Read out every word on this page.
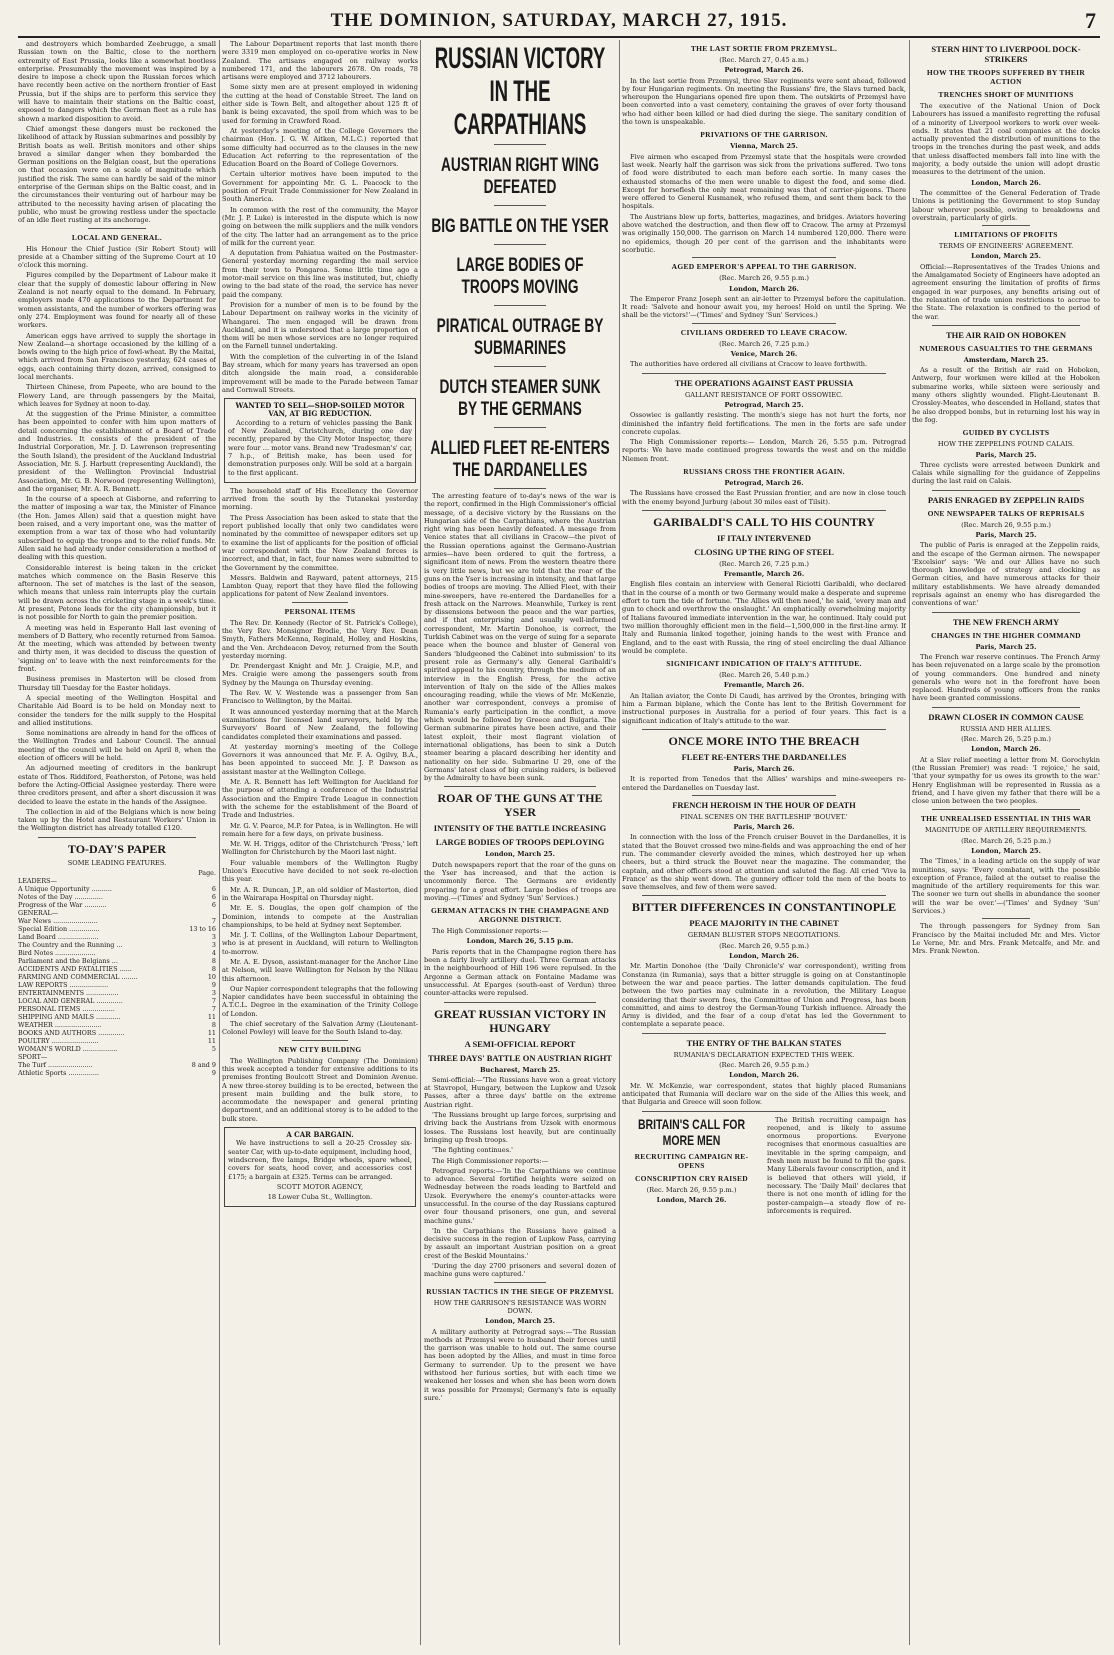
THE DOMINION, SATURDAY, MARCH 27, 1915.	7

and destroyers which bombarded Zeebrugge, a small Russian town on the Baltic, close to the northern extremity of East Prussia, looks like a somewhat bootless enterprise. Presumably the movement was inspired by a desire to impose a check upon the Russian forces which have recently been active on the northern frontier of East Prussia, but if the ships are to perform this service they will have to maintain their stations on the Baltic coast, exposed to dangers which the German fleet as a rule has shown a marked disposition to avoid.

Chief amongst these dangers must be reckoned the likelihood of attack by Russian submarines and possibly by British boats as well. British monitors and other ships braved a similar danger when they bombarded the German positions on the Belgian coast, but the operations on that occasion were on a scale of magnitude which justified the risk. The same can hardly be said of the minor enterprise of the German ships on the Baltic coast, and in the circumstances their venturing out of harbour may be attributed to the necessity having arisen of placating the public, who must be growing restless under the spectacle of an idle fleet rusting at its anchorage.

LOCAL AND GENERAL.

His Honour the Chief Justice (Sir Robert Stout) will preside at a Chamber sitting of the Supreme Court at 10 o'clock this morning.

Figures compiled by the Department of Labour make it clear that the supply of domestic labour offering in New Zealand is not nearly equal to the demand. In February, employers made 470 applications to the Department for women assistants, and the number of workers offering was only 274. Employment was found for nearly all of these workers.

American eggs have arrived to supply the shortage in New Zealand—a shortage occasioned by the killing of a bowls owing to the high price of fowl-wheat. By the Maitai, which arrived from San Francisco yesterday, 624 cases of eggs, each containing thirty dozen, arrived, consigned to local merchants.

Thirteen Chinese, from Papeete, who are bound to the Flowery Land, are through passengers by the Maitai, which leaves for Sydney at noon to-day.

At the suggestion of the Prime Minister, a committee has been appointed to confer with him upon matters of detail concerning the establishment of a Board of Trade and Industries. It consists of the president of the Industrial Corporation, Mr. J. D. Lawrenson (representing the South Island), the president of the Auckland Industrial Association, Mr. S. J. Harbutt (representing Auckland), the president of the Wellington Provincial Industrial Association, Mr. G. B. Norwood (representing Wellington), and the organiser, Mr. A. R. Bennett.

In the course of a speech at Gisborne, and referring to the matter of imposing a war tax, the Minister of Finance (the Hon. James Allen) said that a question might have been raised, and a very important one, was the matter of exemption from a war tax of those who had voluntarily subscribed to equip the troops and to the relief funds. Mr. Allen said he had already under consideration a method of dealing with this question.

Considerable interest is being taken in the cricket matches which commence on the Basin Reserve this afternoon. The set of matches is the last of the season, which means that unless rain interrupts play the curtain will be drawn across the cricketing stage in a week's time. At present, Petone leads for the city championship, but it is not possible for North to gain the premier position.

A meeting was held in Esperanto Hall last evening of members of D Battery, who recently returned from Samoa. At the meeting, which was attended by between twenty and thirty men, it was decided to discuss the question of 'signing on' to leave with the next reinforcements for the front.

Business premises in Masterton will be closed from Thursday till Tuesday for the Easter holidays.

A special meeting of the Wellington Hospital and Charitable Aid Board is to be held on Monday next to consider the tenders for the milk supply to the Hospital and allied institutions.

Some nominations are already in hand for the offices of the Wellington Trades and Labour Council. The annual meeting of the council will be held on April 8, when the election of officers will be held.

An adjourned meeting of creditors in the bankrupt estate of Thos. Riddiford, Featherston, of Petone, was held before the Acting-Official Assignee yesterday. There were three creditors present, and after a short discussion it was decided to leave the estate in the hands of the Assignee.

The collection in aid of the Belgians which is now being taken up by the Hotel and Restaurant Workers' Union in the Wellington district has already totalled £120.

TO-DAY'S PAPER
SOME LEADING FEATURES.
Page.
LEADERS—
A Unique Opportunity ..........	6
Notes of the Day ..............	6
Progress of the War ...........	6
GENERAL—
War News ......................	7
Special Edition ...............	13 to 16
Land Board ....................	3
The Country and the Running ...	3
Bird Notes ....................	4
Parliament and the Belgians ...	8
ACCIDENTS AND FATALITIES ......	8
FARMING AND COMMERCIAL ........	10
LAW REPORTS ...................	9
ENTERTAINMENTS ................	3
LOCAL AND GENERAL .............	7
PERSONAL ITEMS ................	7
SHIPPING AND MAILS ............	11
WEATHER .......................	8
BOOKS AND AUTHORS .............	11
POULTRY .......................	11
WOMAN'S WORLD .................	5
SPORT—
The Turf ......................	8 and 9
Athletic Sports ...............	9

The Labour Department reports that last month there were 3319 men employed on co-operative works in New Zealand. The artisans engaged on railway works numbered 171, and the labourers 2678. On roads, 78 artisans were employed and 3712 labourers.

Some sixty men are at present employed in widening the cutting at the head of Constable Street. The land on either side is Town Belt, and altogether about 125 ft of bank is being excavated, the spoil from which was to be used for forming in Crawford Road.

At yesterday's meeting of the College Governors the chairman (Hon. J. G. W. Aitken, M.L.C.) reported that some difficulty had occurred as to the clauses in the new Education Act referring to the representation of the Education Board on the Board of College Governors.

Certain ulterior motives have been imputed to the Government for appointing Mr. G. L. Peacock to the position of Fruit Trade Commissioner for New Zealand in South America.

In common with the rest of the community, the Mayor (Mr. J. P. Luke) is interested in the dispute which is now going on between the milk suppliers and the milk vendors of the city. The latter had an arrangement as to the price of milk for the current year.

A deputation from Pahiatua waited on the Postmaster-General yesterday morning regarding the mail service from their town to Pongaroa. Some little time ago a motor-mail service on this line was instituted, but, chiefly owing to the bad state of the road, the service has never paid the company.

Provision for a number of men is to be found by the Labour Department on railway works in the vicinity of Whangarei. The men engaged will be drawn from Auckland, and it is understood that a large proportion of them will be men whose services are no longer required on the Farnell tunnel undertaking.

With the completion of the culverting in of the Island Bay stream, which for many years has traversed an open ditch alongside the main road, a considerable improvement will be made to the Parade between Tamar and Cornwall Streets.

WANTED TO SELL—SHOP-SOILED MOTOR VAN, AT BIG REDUCTION.

According to a return of vehicles passing the Bank of New Zealand, Christchurch, during one day recently, prepared by the City Motor Inspector, there were four ... motor vans. Brand new 'Tradesman's' car, 7 h.p., of British make, has been used for demonstration purposes only. Will be sold at a bargain to the first applicant.

The household staff of His Excellency the Governor arrived from the south by the Tutanekai yesterday morning.

The Press Association has been asked to state that the report published locally that only two candidates were nominated by the committee of newspaper editors set up to examine the list of applicants for the position of official war correspondent with the New Zealand forces is incorrect, and that, in fact, four names were submitted to the Government by the committee.

Messrs. Baldwin and Rayward, patent attorneys, 215 Lambton Quay, report that they have filed the following applications for patent of New Zealand inventors.

PERSONAL ITEMS

The Rev. Dr. Kennedy (Rector of St. Patrick's College), the Very Rev. Monsignor Brodie, the Very Rev. Dean Smyth, Fathers McKenna, Reginald, Holley, and Hoskins, and the Ven. Archdeacon Devoy, returned from the South yesterday morning.

Dr. Prendergast Knight and Mr. J. Craigie, M.P., and Mrs. Craigie were among the passengers south from Sydney by the Maunga on Thursday evening.

The Rev. W. V. Westende was a passenger from San Francisco to Wellington, by the Maitai.

It was announced yesterday morning that at the March examinations for licensed land surveyors, held by the Surveyors' Board of New Zealand, the following candidates completed their examinations and passed.

At yesterday morning's meeting of the College Governors it was announced that Mr. F. A. Ogilvy, B.A., has been appointed to succeed Mr. J. P. Dawson as assistant master at the Wellington College.

Mr. A. R. Bennett has left Wellington for Auckland for the purpose of attending a conference of the Industrial Association and the Empire Trade League in connection with the scheme for the establishment of the Board of Trade and Industries.

Mr. G. V. Pearce, M.P. for Patea, is in Wellington. He will remain here for a few days, on private business.

Mr. W. H. Triggs, editor of the Christchurch 'Press,' left Wellington for Christchurch by the Maori last night.

Four valuable members of the Wellington Rugby Union's Executive have decided to not seek re-election this year.

Mr. A. R. Duncan, J.P., an old soldier of Masterton, died in the Wairarapa Hospital on Thursday night.

Mr. E. S. Douglas, the open golf champion of the Dominion, intends to compete at the Australian championships, to be held at Sydney next September.

Mr. J. T. Collins, of the Wellington Labour Department, who is at present in Auckland, will return to Wellington to-morrow.

Mr. A. E. Dyson, assistant-manager for the Anchor Line at Nelson, will leave Wellington for Nelson by the Nikau this afternoon.

Our Napier correspondent telegraphs that the following Napier candidates have been successful in obtaining the A.T.C.L. Degree in the examination of the Trinity College of London.

The chief secretary of the Salvation Army (Lieutenant-Colonel Powley) will leave for the South Island to-day.

NEW CITY BUILDING

The Wellington Publishing Company (The Dominion) this week accepted a tender for extensive additions to its premises fronting Boulcott Street and Dominion Avenue. A new three-storey building is to be erected, between the present main building and the bulk store, to accommodate the newspaper and general printing department, and an additional storey is to be added to the bulk store.

A CAR BARGAIN.

We have instructions to sell a 20-25 Crossley six-seater Car, with up-to-date equipment, including hood, windscreen, five lamps, Bridge wheels, spare wheel, covers for seats, hood cover, and accessories cost £175; a bargain at £325. Terms can be arranged.

SCOTT MOTOR AGENCY,
18 Lower Cuba St., Wellington.
RUSSIAN VICTORY IN THE CARPATHIANS
AUSTRIAN RIGHT WING DEFEATED
BIG BATTLE ON THE YSER
LARGE BODIES OF TROOPS MOVING
PIRATICAL OUTRAGE BY SUBMARINES
DUTCH STEAMER SUNK BY THE GERMANS
ALLIED FLEET RE-ENTERS THE DARDANELLES

The arresting feature of to-day's news of the war is the report, confirmed in the High Commissioner's official message, of a decisive victory by the Russians on the Hungarian side of the Carpathians, where the Austrian right wing has been heavily defeated. A message from Venice states that all civilians in Cracow—the pivot of the Russian operations against the Germano-Austrian armies—have been ordered to quit the fortress, a significant item of news. From the western theatre there is very little news, but we are told that the roar of the guns on the Yser is increasing in intensity, and that large bodies of troops are moving. The Allied Fleet, with their mine-sweepers, have re-entered the Dardanelles for a fresh attack on the Narrows. Meanwhile, Turkey is rent by dissensions between the peace and the war parties, and if that enterprising and usually well-informed correspondent, Mr. Martin Donohoe, is correct, the Turkish Cabinet was on the verge of suing for a separate peace when the bounce and bluster of General von Sanders 'bludgeoned the Cabinet into submission' to its present role as Germany's ally. General Garibaldi's spirited appeal to his country, through the medium of an interview in the English Press, for the active intervention of Italy on the side of the Allies makes encouraging reading, while the views of Mr. McKenzie, another war correspondent, conveys a promise of Rumania's early participation in the conflict, a move which would be followed by Greece and Bulgaria. The German submarine pirates have been active, and their latest exploit, their most flagrant violation of international obligations, has been to sink a Dutch steamer bearing a placard describing her identity and nationality on her side. Submarine U 29, one of the Germans' latest class of big cruising raiders, is believed by the Admiralty to have been sunk.

ROAR OF THE GUNS AT THE YSER
INTENSITY OF THE BATTLE INCREASING
LARGE BODIES OF TROOPS DEPLOYING
London, March 25.

Dutch newspapers report that the roar of the guns on the Yser has increased, and that the action is uncommonly fierce. The Germans are evidently preparing for a great effort. Large bodies of troops are moving.—('Times' and Sydney 'Sun' Services.)

GERMAN ATTACKS IN THE CHAMPAGNE AND ARGONNE DISTRICT.

The High Commissioner reports:—

London, March 26, 5.15 p.m.

Paris reports that in the Champagne region there has been a fairly lively artillery duel. Three German attacks in the neighbourhood of Hill 196 were repulsed. In the Argonne a German attack on Fontaine Madame was unsuccessful. At Eparges (south-east of Verdun) three counter-attacks were repulsed.

GREAT RUSSIAN VICTORY IN HUNGARY
A SEMI-OFFICIAL REPORT
THREE DAYS' BATTLE ON AUSTRIAN RIGHT
Bucharest, March 25.

Semi-official:—'The Russians have won a great victory at Stavropol, Hungary, between the Lupkow and Uzsok Passes, after a three days' battle on the extreme Austrian right.

'The Russians brought up large forces, surprising and driving back the Austrians from Uzsok with enormous losses. The Russians lost heavily, but are continually bringing up fresh troops.

'The fighting continues.'

The High Commissioner reports:—

Petrograd reports:—'In the Carpathians we continue to advance. Several fortified heights were seized on Wednesday between the roads leading to Bartfeld and Uzsok. Everywhere the enemy's counter-attacks were unsuccessful. In the course of the day Russians captured over four thousand prisoners, one gun, and several machine guns.'

'In the Carpathians the Russians have gained a decisive success in the region of Lupkow Pass, carrying by assault an important Austrian position on a great crest of the Beskid Mountains.'

'During the day 2700 prisoners and several dozen of machine guns were captured.'

RUSSIAN TACTICS IN THE SIEGE OF PRZEMYSL
HOW THE GARRISON'S RESISTANCE WAS WORN DOWN.
London, March 25.

A military authority at Petrograd says:—'The Russian methods at Przemysl were to husband their forces until the garrison was unable to hold out. The same course has been adopted by the Allies, and must in time force Germany to surrender. Up to the present we have withstood her furious sorties, but with each time we weakened her losses and when she has been worn down it was possible for Przemysl; Germany's fate is equally sure.'

THE LAST SORTIE FROM PRZEMYSL.
(Rec. March 27, 0.45 a.m.)
Petrograd, March 26.

In the last sortie from Przemysl, three Slav regiments were sent ahead, followed by four Hungarian regiments. On meeting the Russians' fire, the Slavs turned back, whereupon the Hungarians opened fire upon them. The outskirts of Przemysl have been converted into a vast cemetery, containing the graves of over forty thousand who had either been killed or had died during the siege. The sanitary condition of the town is unspeakable.

PRIVATIONS OF THE GARRISON.
Vienna, March 25.

Five airmen who escaped from Przemysl state that the hospitals were crowded last week. Nearly half the garrison was sick from the privations suffered. Two tons of food were distributed to each man before each sortie. In many cases the exhausted stomachs of the men were unable to digest the food, and some died. Except for horseflesh the only meat remaining was that of carrier-pigeons. There were offered to General Kusmanek, who refused them, and sent them back to the hospitals.

The Austrians blew up forts, batteries, magazines, and bridges. Aviators hovering above watched the destruction, and then flew off to Cracow. The army at Przemysl was originally 150,000. The garrison on March 14 numbered 120,000. There were no epidemics, though 20 per cent of the garrison and the inhabitants were scorbutic.

AGED EMPEROR'S APPEAL TO THE GARRISON.
(Rec. March 26, 9.55 p.m.)
London, March 26.

The Emperor Franz Joseph sent an air-letter to Przemysl before the capitulation. It read: 'Salvete and honour await you, my heroes! Hold on until the Spring. We shall be the victors!'—('Times' and Sydney 'Sun' Services.)

CIVILIANS ORDERED TO LEAVE CRACOW.
(Rec. March 26, 7.25 p.m.)
Venice, March 26.

The authorities have ordered all civilians at Cracow to leave forthwith.

THE OPERATIONS AGAINST EAST PRUSSIA
GALLANT RESISTANCE OF FORT OSSOWIEC.
Petrograd, March 25.

Ossowiec is gallantly resisting. The month's siege has not hurt the forts, nor diminished the infantry field fortifications. The men in the forts are safe under concrete cupolas.

The High Commissioner reports:— London, March 26, 5.55 p.m. Petrograd reports: We have made continued progress towards the west and on the middle Niemen front.

RUSSIANS CROSS THE FRONTIER AGAIN.
Petrograd, March 26.

The Russians have crossed the East Prussian frontier, and are now in close touch with the enemy beyond Jurburg (about 30 miles east of Tilsit).

GARIBALDI'S CALL TO HIS COUNTRY
IF ITALY INTERVENED
CLOSING UP THE RING OF STEEL
(Rec. March 26, 7.25 p.m.)
Fremantle, March 26.

English files contain an interview with General Riciotti Garibaldi, who declared that in the course of a month or two Germany would make a desperate and supreme effort to turn the tide of fortune. 'The Allies will then need,' he said, 'every man and gun to check and overthrow the onslaught.' An emphatically overwhelming majority of Italians favoured immediate intervention in the war, he continued. Italy could put two million thoroughly efficient men in the field—1,500,000 in the first-line army. If Italy and Rumania linked together, joining hands to the west with France and England, and to the east with Russia, the ring of steel encircling the dual Alliance would be complete.

SIGNIFICANT INDICATION OF ITALY'S ATTITUDE.
(Rec. March 26, 5.40 p.m.)
Fremantle, March 26.

An Italian aviator, the Conte Di Caudi, has arrived by the Orontes, bringing with him a Farman biplane, which the Conte has lent to the British Government for instructional purposes in Australia for a period of four years. This fact is a significant indication of Italy's attitude to the war.

ONCE MORE INTO THE BREACH
FLEET RE-ENTERS THE DARDANELLES
Paris, March 26.

It is reported from Tenedos that the Allies' warships and mine-sweepers re-entered the Dardanelles on Tuesday last.

FRENCH HEROISM IN THE HOUR OF DEATH
FINAL SCENES ON THE BATTLESHIP 'BOUVET.'
Paris, March 26.

In connection with the loss of the French cruiser Bouvet in the Dardanelles, it is stated that the Bouvet crossed two mine-fields and was approaching the end of her run. The commander cleverly avoided the mines, which destroyed her up when cheers, but a third struck the Bouvet near the magazine. The commander, the captain, and other officers stood at attention and saluted the flag. All cried 'Vive la France' as the ship went down. The gunnery officer told the men of the boats to save themselves, and few of them were saved.

BITTER DIFFERENCES IN CONSTANTINOPLE
PEACE MAJORITY IN THE CABINET
GERMAN BLUSTER STOPS NEGOTIATIONS.
(Rec. March 26, 9.55 p.m.)
London, March 26.

Mr. Martin Donohoe (the 'Daily Chronicle's' war correspondent), writing from Constanza (in Rumania), says that a bitter struggle is going on at Constantinople between the war and peace parties. The latter demands capitulation. The feud between the two parties may culminate in a revolution, the Military League considering that their sworn foes, the Committee of Union and Progress, has been committed, and aims to destroy the German-Young Turkish influence. Already the Army is divided, and the fear of a coup d'etat has led the Government to contemplate a separate peace.

THE ENTRY OF THE BALKAN STATES
RUMANIA'S DECLARATION EXPECTED THIS WEEK.
(Rec. March 26, 9.55 p.m.)
London, March 26.

Mr. W. McKenzie, war correspondent, states that highly placed Rumanians anticipated that Rumania will declare war on the side of the Allies this week, and that Bulgaria and Greece will soon follow.

BRITAIN'S CALL FOR MORE MEN
RECRUITING CAMPAIGN RE-OPENS
CONSCRIPTION CRY RAISED
(Rec. March 26, 9.55 p.m.)
London, March 26.

The British recruiting campaign has reopened, and is likely to assume enormous proportions. Everyone recognises that enormous casualties are inevitable in the spring campaign, and fresh men must be found to fill the gaps. Many Liberals favour conscription, and it is believed that others will yield, if necessary. The 'Daily Mail' declares that there is not one month of idling for the poster-campaign—a steady flow of re-inforcements is required.

STERN HINT TO LIVERPOOL DOCK-STRIKERS
HOW THE TROOPS SUFFERED BY THEIR ACTION
TRENCHES SHORT OF MUNITIONS

The executive of the National Union of Dock Labourers has issued a manifesto regretting the refusal of a minority of Liverpool workers to work over week-ends. It states that 21 coal companies at the docks actually prevented the distribution of munitions to the troops in the trenches during the past week, and adds that unless disaffected members fall into line with the majority, a body outside the union will adopt drastic measures to the detriment of the union.

London, March 26.

The committee of the General Federation of Trade Unions is petitioning the Government to stop Sunday labour wherever possible, owing to breakdowns and overstrain, particularly of girls.

LIMITATIONS OF PROFITS
TERMS OF ENGINEERS' AGREEMENT.
London, March 25.

Official:—Representatives of the Trades Unions and the Amalgamated Society of Engineers have adopted an agreement ensuring the limitation of profits of firms engaged in war purposes, any benefits arising out of the relaxation of trade union restrictions to accrue to the State. The relaxation is confined to the period of the war.

THE AIR RAID ON HOBOKEN
NUMEROUS CASUALTIES TO THE GERMANS
Amsterdam, March 25.

As a result of the British air raid on Hoboken, Antwerp, four workmen were killed at the Hoboken submarine works, while sixteen were seriously and many others slightly wounded. Flight-Lieutenant B. Crossley-Meates, who descended in Holland, states that he also dropped bombs, but in returning lost his way in the fog.

GUIDED BY CYCLISTS
HOW THE ZEPPELINS FOUND CALAIS.
Paris, March 25.

Three cyclists were arrested between Dunkirk and Calais while signalling for the guidance of Zeppelins during the last raid on Calais.

PARIS ENRAGED BY ZEPPELIN RAIDS
ONE NEWSPAPER TALKS OF REPRISALS
(Rec. March 26, 9.55 p.m.)
Paris, March 25.

The public of Paris is enraged at the Zeppelin raids, and the escape of the German airmen. The newspaper 'Excelsior' says: 'We and our Allies have no such thorough knowledge of strategy and clocking as German cities, and have numerous attacks for their military establishments. We have already demanded reprisals against an enemy who has disregarded the conventions of war.'

THE NEW FRENCH ARMY
CHANGES IN THE HIGHER COMMAND
Paris, March 25.

The French war reserve continues. The French Army has been rejuvenated on a large scale by the promotion of young commanders. One hundred and ninety generals who were not in the forefront have been replaced. Hundreds of young officers from the ranks have been granted commissions.

DRAWN CLOSER IN COMMON CAUSE
RUSSIA AND HER ALLIES.
(Rec. March 26, 5.25 p.m.)
London, March 26.

At a Slav relief meeting a letter from M. Gorochykin (the Russian Premier) was read: 'I rejoice,' he said, 'that your sympathy for us owes its growth to the war.' Henry Englishman will be represented in Russia as a friend, and I have given my father that there will be a close union between the two peoples.

THE UNREALISED ESSENTIAL IN THIS WAR
MAGNITUDE OF ARTILLERY REQUIREMENTS.
(Rec. March 26, 5.25 p.m.)
London, March 25.

The 'Times,' in a leading article on the supply of war munitions, says: 'Every combatant, with the possible exception of France, failed at the outset to realise the magnitude of the artillery requirements for this war. The sooner we turn out shells in abundance the sooner will the war be over.'—('Times' and Sydney 'Sun' Services.)

The through passengers for Sydney from San Francisco by the Maitai included Mr. and Mrs. Victor Le Verne, Mr. and Mrs. Frank Metcalfe, and Mr. and Mrs. Frank Newton.
